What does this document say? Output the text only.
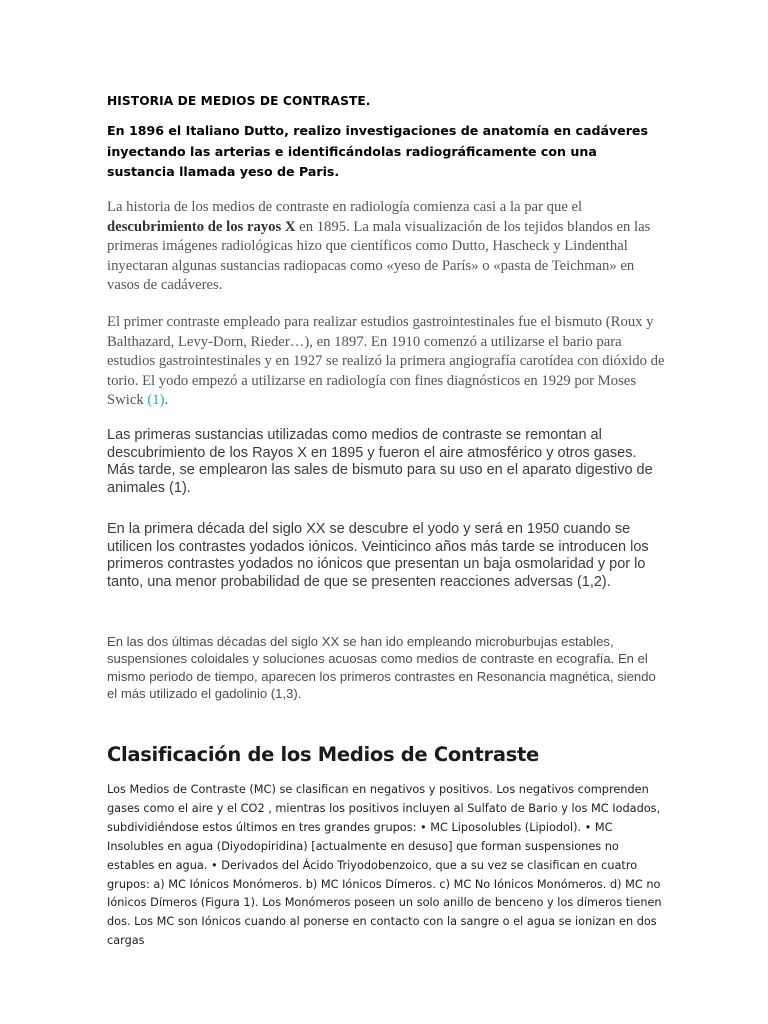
HISTORIA DE MEDIOS DE CONTRASTE.

En 1896 el Italiano Dutto, realizo investigaciones de anatomía en cadáveres inyectando las arterias e identificándolas radiográficamente con una sustancia llamada yeso de Paris.

La historia de los medios de contraste en radiología comienza casi a la par que el descubrimiento de los rayos X en 1895. La mala visualización de los tejidos blandos en las primeras imágenes radiológicas hizo que científicos como Dutto, Hascheck y Lindenthal inyectaran algunas sustancias radiopacas como «yeso de París» o «pasta de Teichman» en vasos de cadáveres.

El primer contraste empleado para realizar estudios gastrointestinales fue el bismuto (Roux y Balthazard, Levy-Dorn, Rieder…), en 1897. En 1910 comenzó a utilizarse el bario para estudios gastrointestinales y en 1927 se realizó la primera angiografía carotídea con dióxido de torio. El yodo empezó a utilizarse en radiología con fines diagnósticos en 1929 por Moses Swick (1).

Las primeras sustancias utilizadas como medios de contraste se remontan al descubrimiento de los Rayos X en 1895 y fueron el aire atmosférico y otros gases. Más tarde, se emplearon las sales de bismuto para su uso en el aparato digestivo de animales (1).

En la primera década del siglo XX se descubre el yodo y será en 1950 cuando se utilicen los contrastes yodados iónicos. Veinticinco años más tarde se introducen los primeros contrastes yodados no iónicos que presentan un baja osmolaridad y por lo tanto, una menor probabilidad de que se presenten reacciones adversas (1,2).

En las dos últimas décadas del siglo XX se han ido empleando microburbujas estables, suspensiones coloidales y soluciones acuosas como medios de contraste en ecografía. En el mismo periodo de tiempo, aparecen los primeros contrastes en Resonancia magnética, siendo el más utilizado el gadolinio (1,3).

Clasificación de los Medios de Contraste

Los Medios de Contraste (MC) se clasifican en negativos y positivos. Los negativos comprenden gases como el aire y el CO2 , mientras los positivos incluyen al Sulfato de Bario y los MC Iodados, subdividiéndose estos últimos en tres grandes grupos: • MC Liposolubles (Lipiodol). • MC Insolubles en agua (Diyodopiridina) [actualmente en desuso] que forman suspensiones no estables en agua. • Derivados del Ácido Triyodobenzoico, que a su vez se clasifican en cuatro grupos: a) MC Iónicos Monómeros. b) MC Iónicos Dímeros. c) MC No Iónicos Monómeros. d) MC no Iónicos Dímeros (Figura 1). Los Monómeros poseen un solo anillo de benceno y los dímeros tienen dos. Los MC son Iónicos cuando al ponerse en contacto con la sangre o el agua se ionizan en dos cargas
